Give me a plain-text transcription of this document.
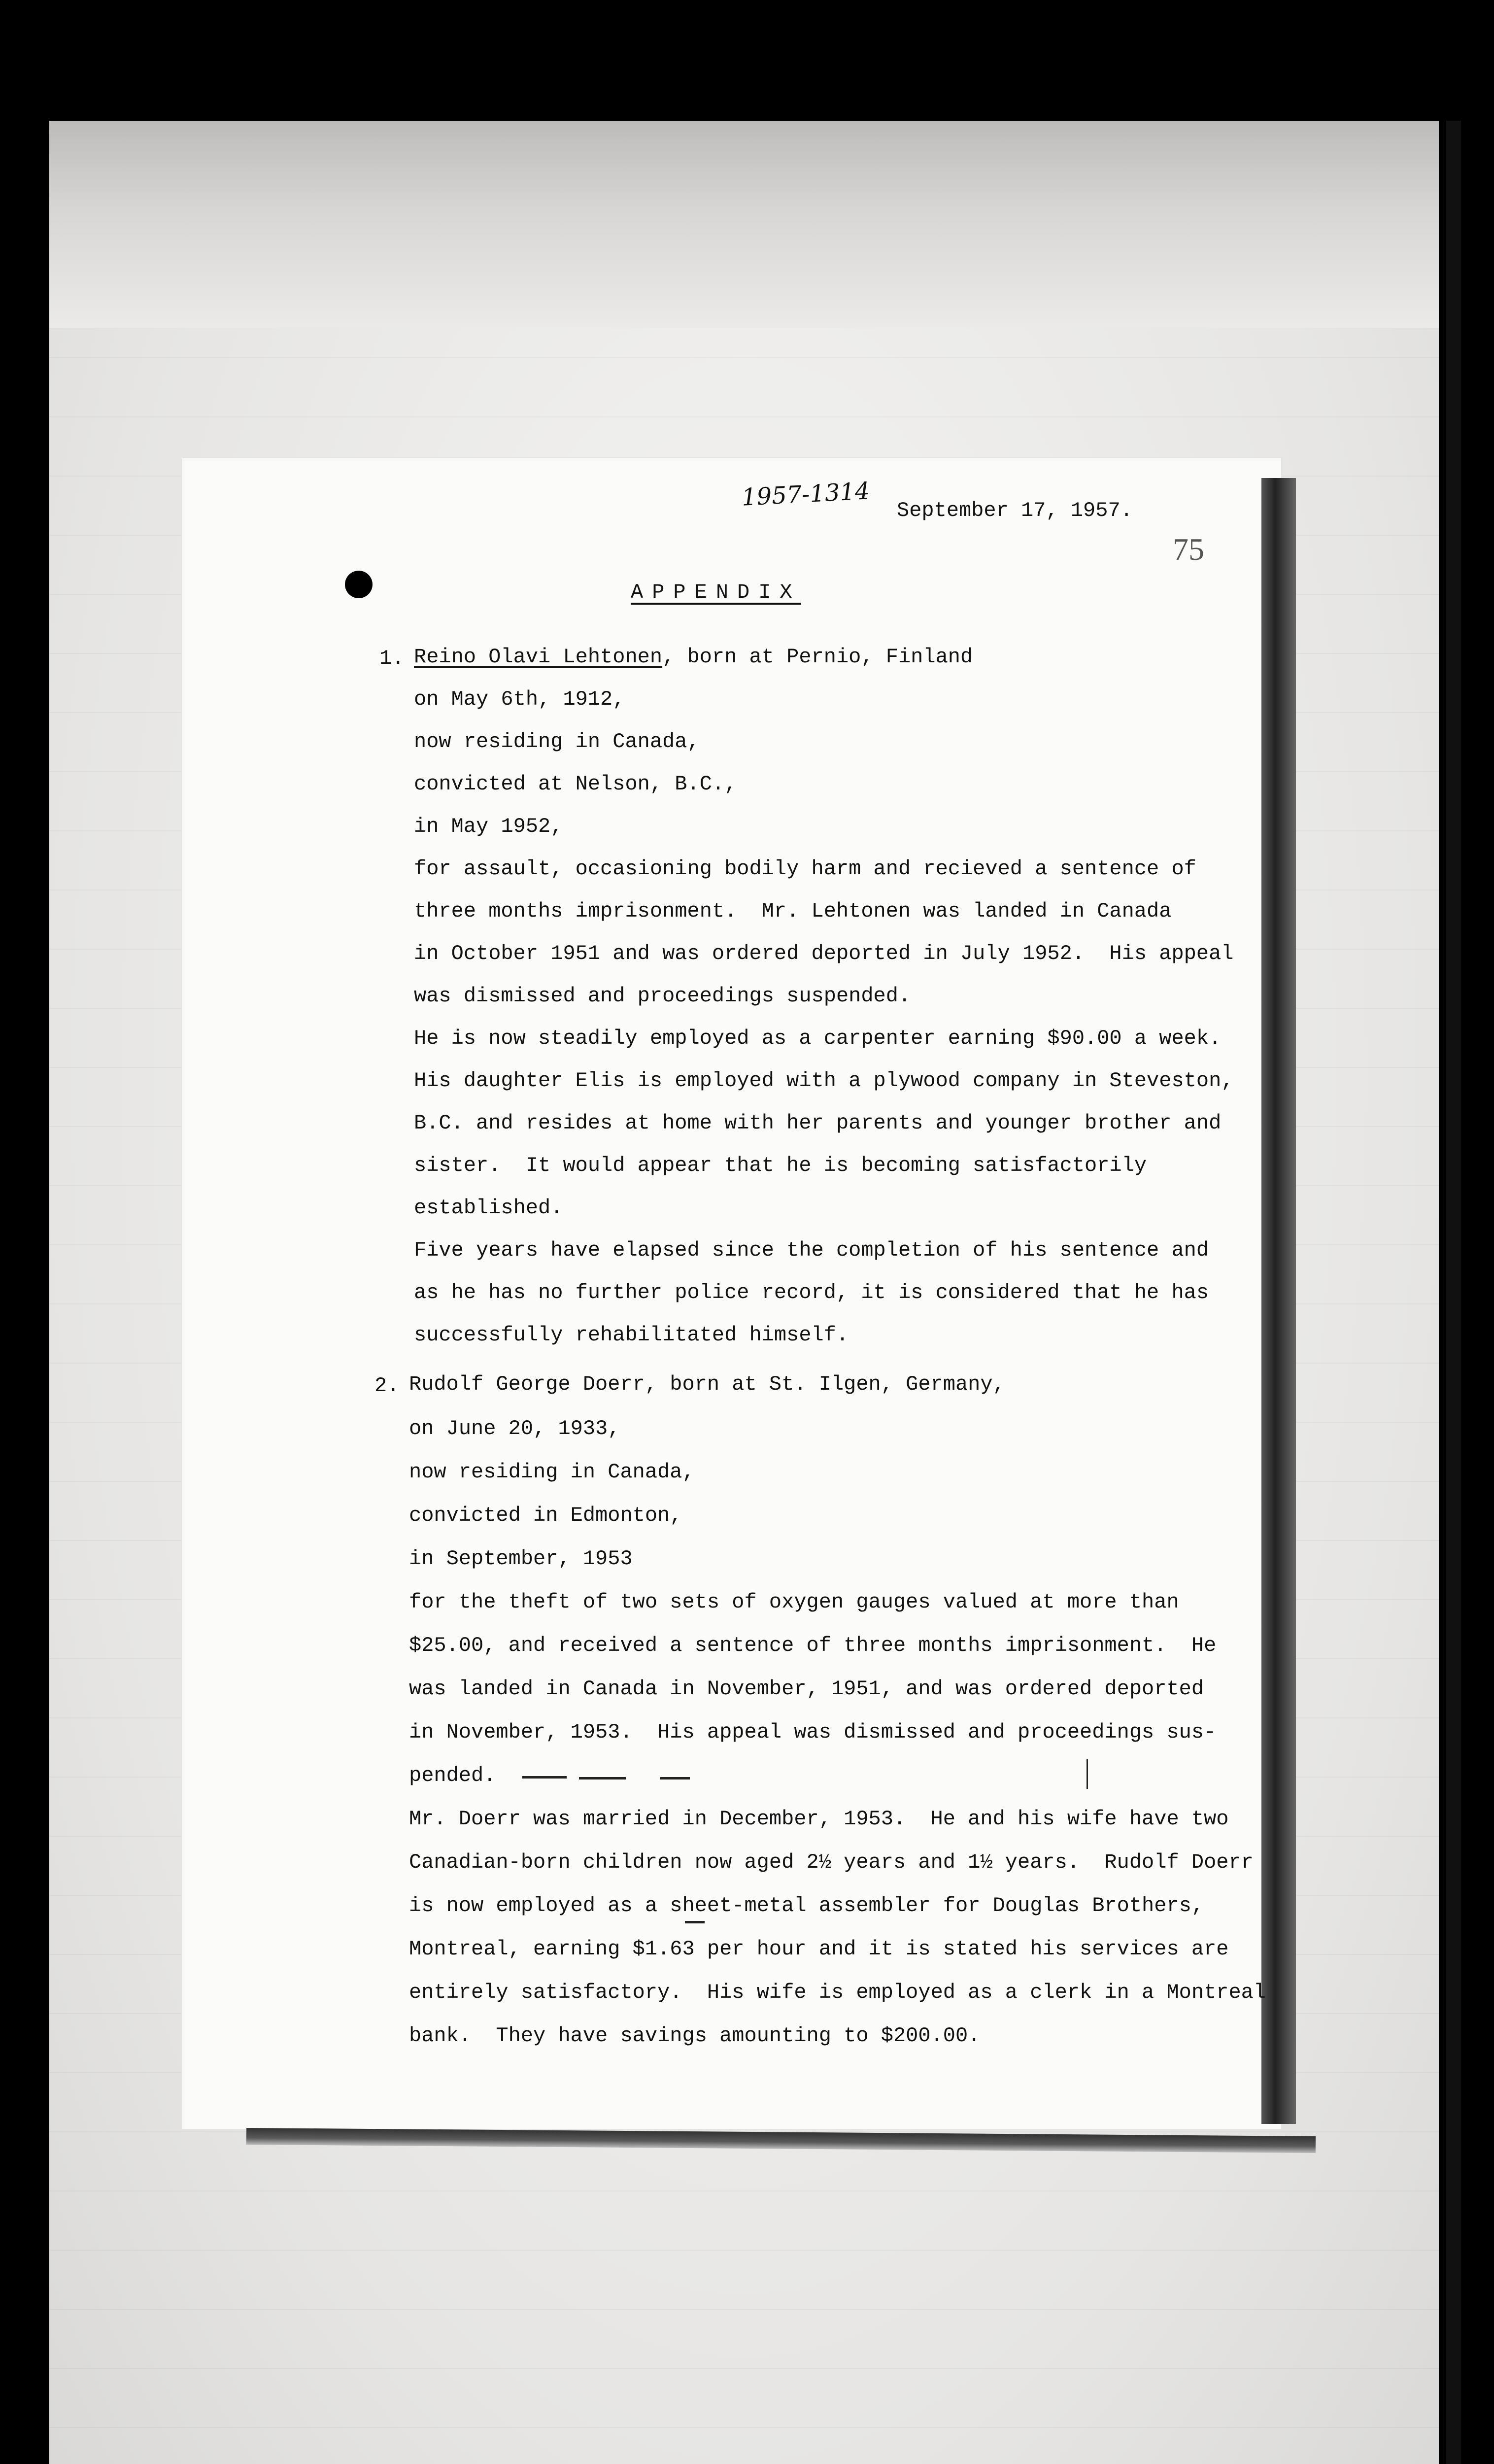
1957-1314
75
September 17, 1957.
APPENDIX
1. Reino Olavi Lehtonen, born at Pernio, Finland
on May 6th, 1912,
now residing in Canada,
convicted at Nelson, B.C.,
in May 1952,
for assault, occasioning bodily harm and recieved a sentence of
three months imprisonment.  Mr. Lehtonen was landed in Canada
in October 1951 and was ordered deported in July 1952.  His appeal
was dismissed and proceedings suspended.
He is now steadily employed as a carpenter earning $90.00 a week.
His daughter Elis is employed with a plywood company in Steveston,
B.C. and resides at home with her parents and younger brother and
sister.  It would appear that he is becoming satisfactorily
established.
Five years have elapsed since the completion of his sentence and
as he has no further police record, it is considered that he has
successfully rehabilitated himself.
2. Rudolf George Doerr, born at St. Ilgen, Germany,
on June 20, 1933,
now residing in Canada,
convicted in Edmonton,
in September, 1953
for the theft of two sets of oxygen gauges valued at more than
$25.00, and received a sentence of three months imprisonment.  He
was landed in Canada in November, 1951, and was ordered deported
in November, 1953.  His appeal was dismissed and proceedings sus-
pended.
Mr. Doerr was married in December, 1953.  He and his wife have two
Canadian-born children now aged 2½ years and 1½ years.  Rudolf Doerr
is now employed as a sheet-metal assembler for Douglas Brothers,
Montreal, earning $1.63 per hour and it is stated his services are
entirely satisfactory.  His wife is employed as a clerk in a Montreal
bank.  They have savings amounting to $200.00.
